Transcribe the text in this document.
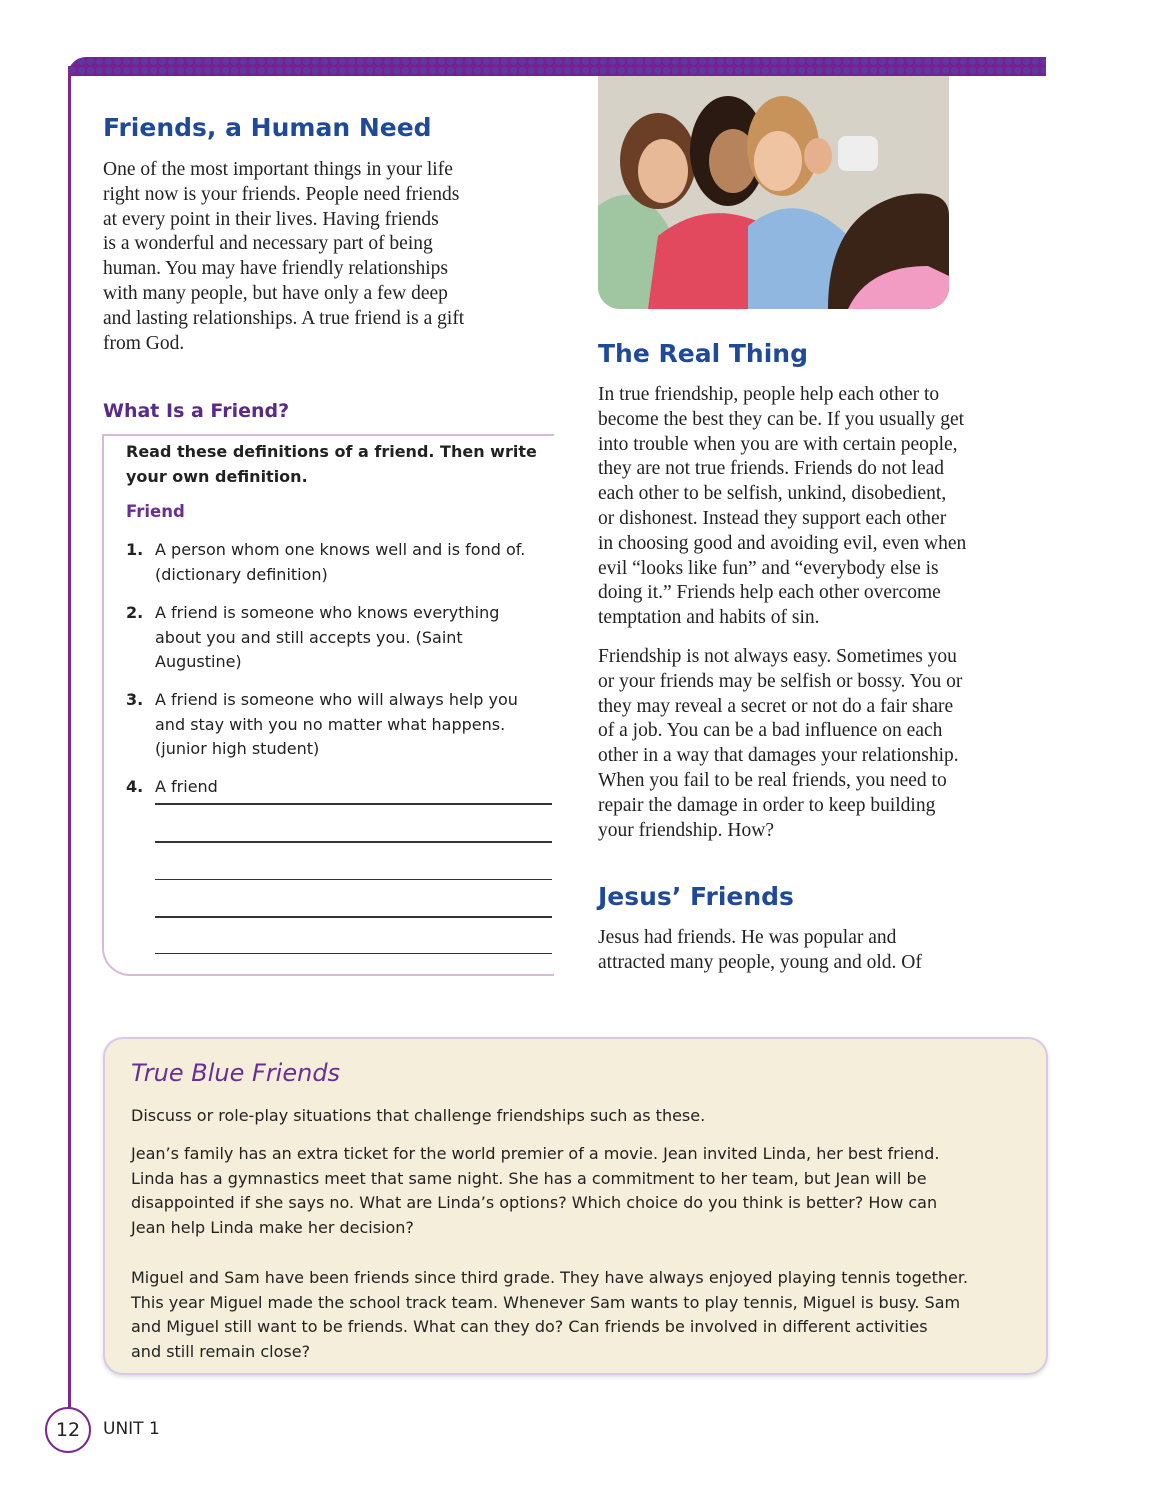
Friends, a Human Need

One of the most important things in your life
right now is your friends. People need friends
at every point in their lives. Having friends
is a wonderful and necessary part of being
human. You may have friendly relationships
with many people, but have only a few deep
and lasting relationships. A true friend is a gift
from God.

What Is a Friend?
Read these definitions of a friend. Then write
your own definition.
Friend
1. A person whom one knows well and is fond of.
(dictionary definition)
2. A friend is someone who knows everything
about you and still accepts you. (Saint
Augustine)
3. A friend is someone who will always help you
and stay with you no matter what happens.
(junior high student)
4. A friend
The Real Thing

In true friendship, people help each other to
become the best they can be. If you usually get
into trouble when you are with certain people,
they are not true friends. Friends do not lead
each other to be selfish, unkind, disobedient,
or dishonest. Instead they support each other
in choosing good and avoiding evil, even when
evil “looks like fun” and “everybody else is
doing it.” Friends help each other overcome
temptation and habits of sin.

Friendship is not always easy. Sometimes you
or your friends may be selfish or bossy. You or
they may reveal a secret or not do a fair share
of a job. You can be a bad influence on each
other in a way that damages your relationship.
When you fail to be real friends, you need to
repair the damage in order to keep building
your friendship. How?

Jesus’ Friends

Jesus had friends. He was popular and
attracted many people, young and old. Of

True Blue Friends

Discuss or role-play situations that challenge friendships such as these.

Jean’s family has an extra ticket for the world premier of a movie. Jean invited Linda, her best friend.
Linda has a gymnastics meet that same night. She has a commitment to her team, but Jean will be
disappointed if she says no. What are Linda’s options? Which choice do you think is better? How can
Jean help Linda make her decision?

Miguel and Sam have been friends since third grade. They have always enjoyed playing tennis together.
This year Miguel made the school track team. Whenever Sam wants to play tennis, Miguel is busy. Sam
and Miguel still want to be friends. What can they do? Can friends be involved in different activities
and still remain close?

12	UNIT 1
